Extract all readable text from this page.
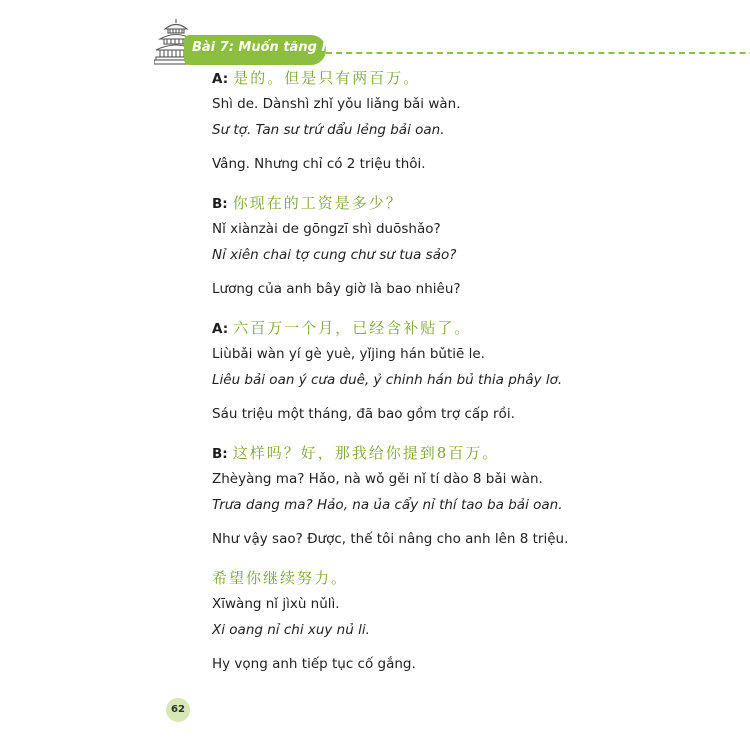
Bài 7: Muốn tăng lương
A: 是的。但是只有两百万。
Shì de. Dànshì zhǐ yǒu liǎng bǎi wàn.
Sư tợ. Tan sư trứ dẩu lẻng bải oan.
Vâng. Nhưng chỉ có 2 triệu thôi.
B: 你现在的工资是多少？
Nǐ xiànzài de gōngzī shì duōshǎo?
Nỉ xiên chai tợ cung chư sư tua sảo?
Lương của anh bây giờ là bao nhiêu?
A: 六百万一个月，已经含补贴了。
Liùbǎi wàn yí gè yuè, yǐjing hán bǔtiē le.
Liêu bải oan ý cưa duê, ỷ chinh hán bủ thia phây lơ.
Sáu triệu một tháng, đã bao gồm trợ cấp rồi.
B: 这样吗？好，那我给你提到8百万。
Zhèyàng ma? Hǎo, nà wǒ gěi nǐ tí dào 8 bǎi wàn.
Trưa dang ma? Hảo, na ủa cẩy nỉ thí tao ba bải oan.
Như vậy sao? Được, thế tôi nâng cho anh lên 8 triệu.
希望你继续努力。
Xīwàng nǐ jìxù nǔlì.
Xi oang nỉ chi xuy nủ li.
Hy vọng anh tiếp tục cố gắng.
62
